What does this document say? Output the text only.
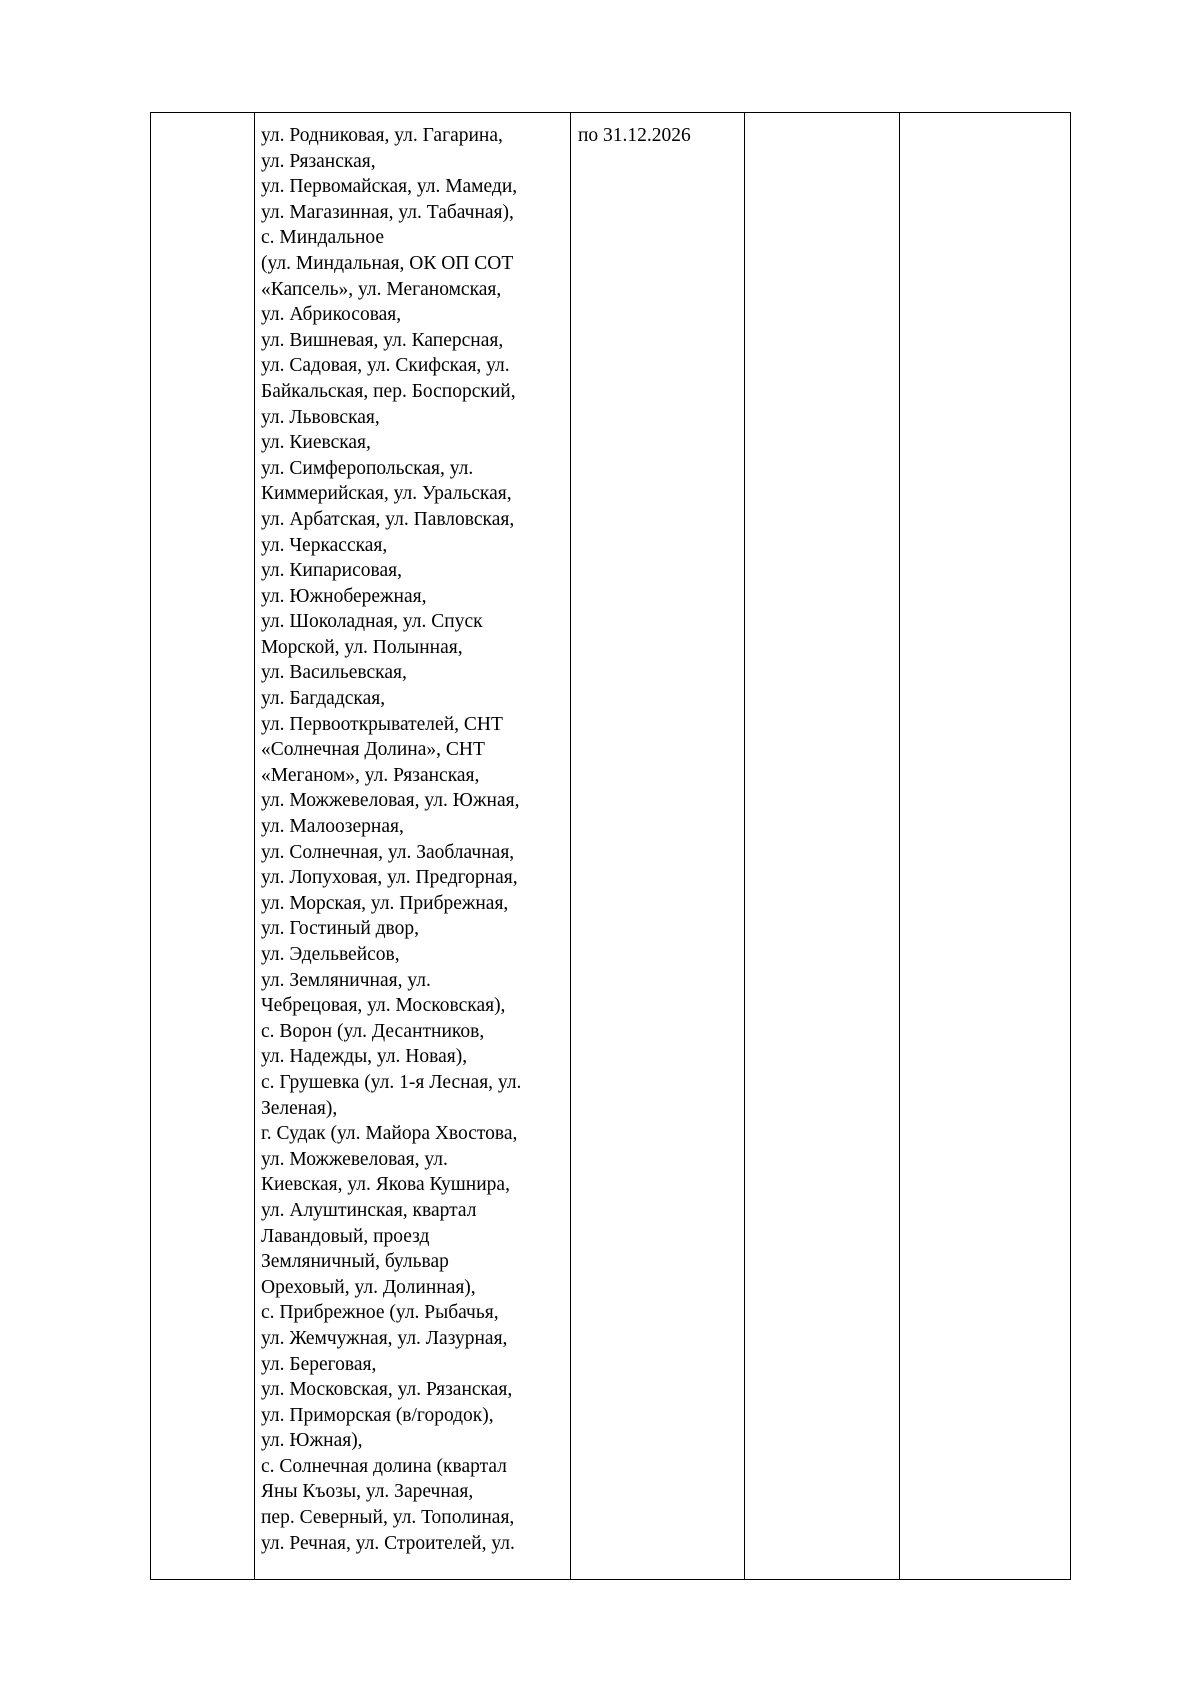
ул. Родниковая, ул. Гагарина,
ул. Рязанская,
ул. Первомайская, ул. Мамеди,
ул. Магазинная, ул. Табачная),
с. Миндальное
(ул. Миндальная, ОК ОП СОТ
«Капсель», ул. Меганомская,
ул. Абрикосовая,
ул. Вишневая, ул. Каперсная,
ул. Садовая, ул. Скифская, ул.
Байкальская, пер. Боспорский,
ул. Львовская,
ул. Киевская,
ул. Симферопольская, ул.
Киммерийская, ул. Уральская,
ул. Арбатская, ул. Павловская,
ул. Черкасская,
ул. Кипарисовая,
ул. Южнобережная,
ул. Шоколадная, ул. Спуск
Морской, ул. Полынная,
ул. Васильевская,
ул. Багдадская,
ул. Первооткрывателей, СНТ
«Солнечная Долина», СНТ
«Меганом», ул. Рязанская,
ул. Можжевеловая, ул. Южная,
ул. Малоозерная,
ул. Солнечная, ул. Заоблачная,
ул. Лопуховая, ул. Предгорная,
ул. Морская, ул. Прибрежная,
ул. Гостиный двор,
ул. Эдельвейсов,
ул. Земляничная, ул.
Чебрецовая, ул. Московская),
с. Ворон (ул. Десантников,
ул. Надежды, ул. Новая),
с. Грушевка (ул. 1-я Лесная, ул.
Зеленая),
г. Судак (ул. Майора Хвостова,
ул. Можжевеловая, ул.
Киевская, ул. Якова Кушнира,
ул. Алуштинская, квартал
Лавандовый, проезд
Земляничный, бульвар
Ореховый, ул. Долинная),
с. Прибрежное (ул. Рыбачья,
ул. Жемчужная, ул. Лазурная,
ул. Береговая,
ул. Московская, ул. Рязанская,
ул. Приморская (в/городок),
ул. Южная),
с. Солнечная долина (квартал
Яны Къозы, ул. Заречная,
пер. Северный, ул. Тополиная,
ул. Речная, ул. Строителей, ул.

по 31.12.2026
